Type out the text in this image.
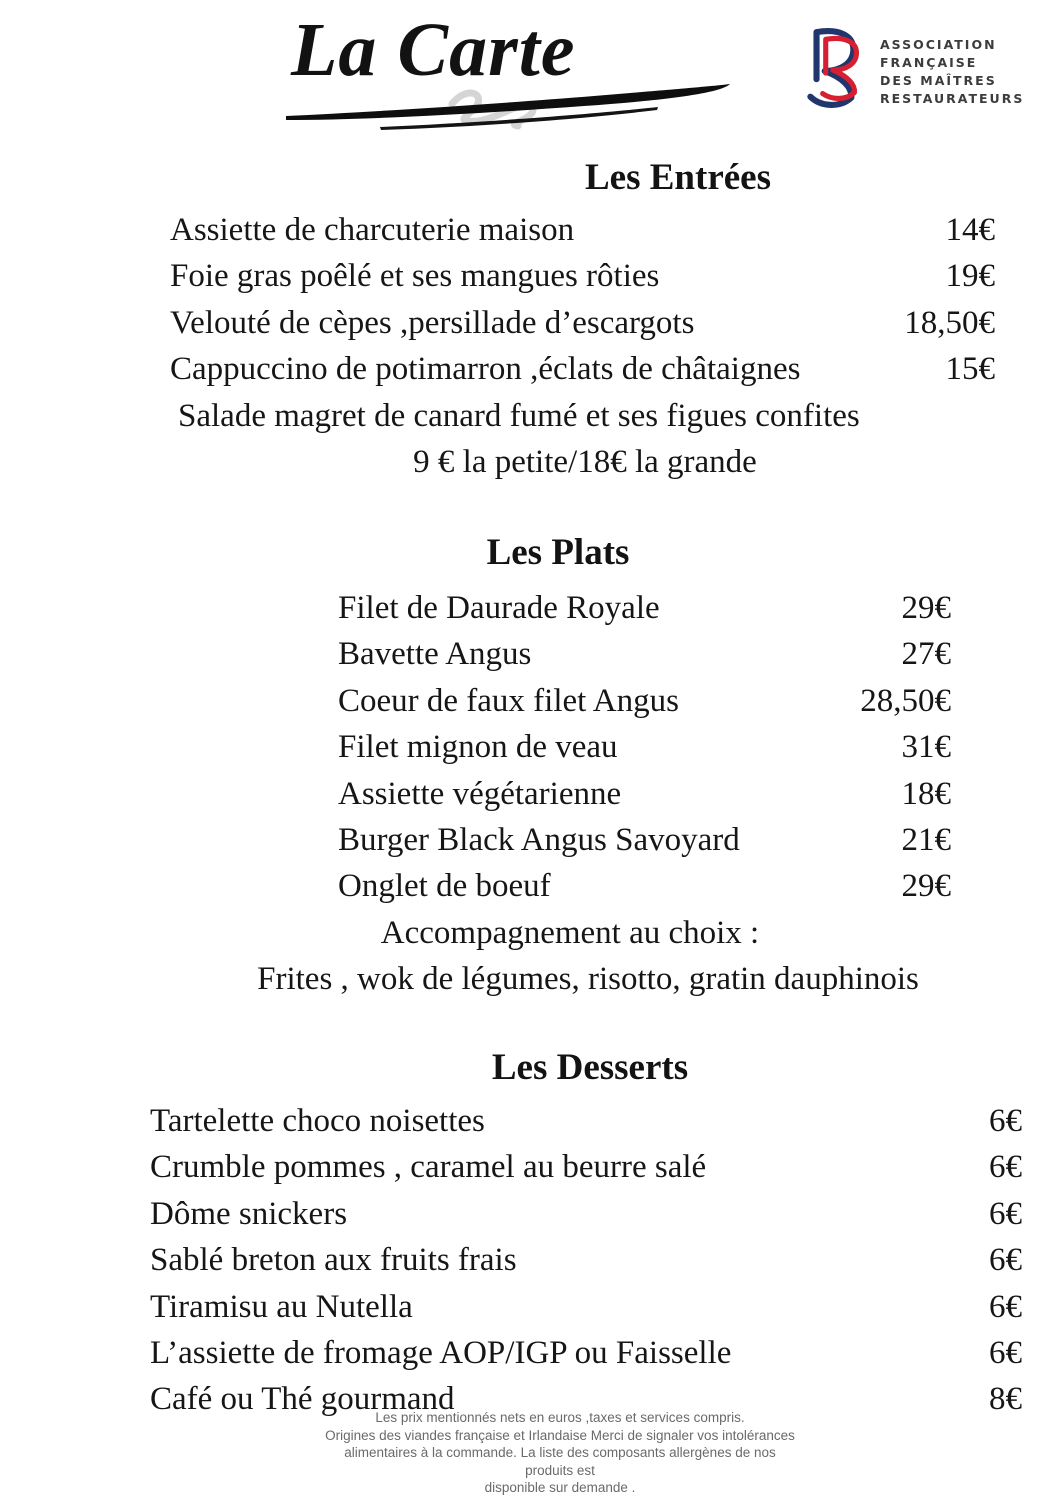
La Carte	ASSOCIATION
FRANÇAISE
DES MAÎTRES
RESTAURATEURS
Les Entrées
Assiette de charcuterie maison	14€
Foie gras poêlé et ses mangues rôties	19€
Velouté de cèpes ,persillade d’escargots	18,50€
Cappuccino de potimarron ,éclats de châtaignes	15€
Salade magret de canard fumé et ses figues confites
9 € la petite/18€ la grande
Les Plats
Filet de Daurade Royale	29€
Bavette Angus	27€
Coeur de faux filet Angus	28,50€
Filet mignon de veau	31€
Assiette végétarienne	18€
Burger Black Angus Savoyard	21€
Onglet de boeuf	29€
Accompagnement au choix :
Frites , wok de légumes, risotto, gratin dauphinois
Les Desserts
Tartelette choco noisettes	6€
Crumble pommes , caramel au beurre salé	6€
Dôme snickers	6€
Sablé breton aux fruits frais	6€
Tiramisu au Nutella	6€
L’assiette de fromage AOP/IGP ou Faisselle	6€
Café ou Thé gourmand	8€
Les prix mentionnés nets en euros ,taxes et services compris.
Origines des viandes française et Irlandaise Merci de signaler vos intolérances
alimentaires à la commande. La liste des composants allergènes de nos produits est
disponible sur demande .
